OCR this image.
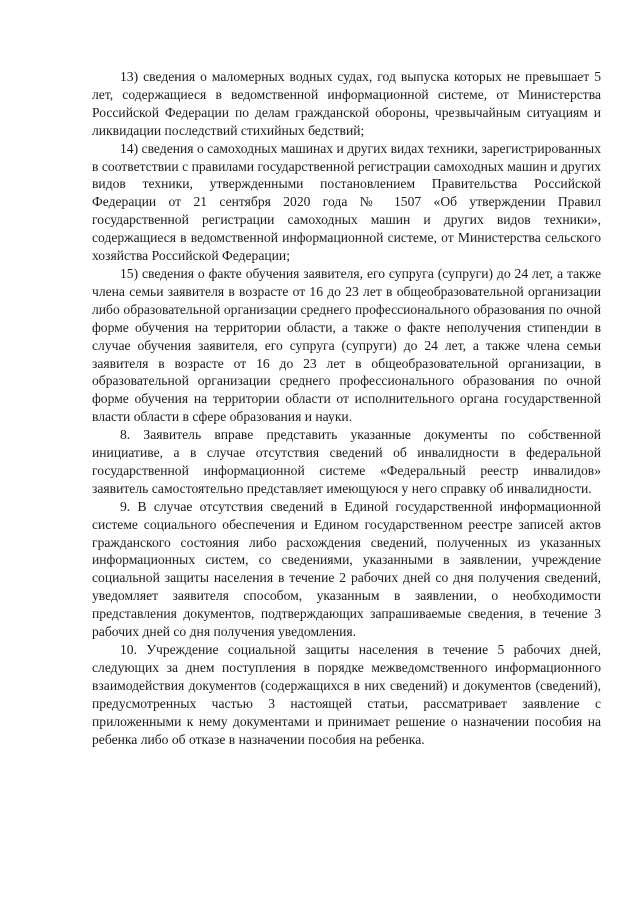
13) сведения о маломерных водных судах, год выпуска которых не превышает 5 лет, содержащиеся в ведомственной информационной системе, от Министерства Российской Федерации по делам гражданской обороны, чрезвычайным ситуациям и ликвидации последствий стихийных бедствий;

14) сведения о самоходных машинах и других видах техники, зарегистрированных в соответствии с правилами государственной регистрации самоходных машин и других видов техники, утвержденными постановлением Правительства Российской Федерации от 21 сентября 2020 года № 1507 «Об утверждении Правил государственной регистрации самоходных машин и других видов техники», содержащиеся в ведомственной информационной системе, от Министерства сельского хозяйства Российской Федерации;

15) сведения о факте обучения заявителя, его супруга (супруги) до 24 лет, а также члена семьи заявителя в возрасте от 16 до 23 лет в общеобразовательной организации либо образовательной организации среднего профессионального образования по очной форме обучения на территории области, а также о факте неполучения стипендии в случае обучения заявителя, его супруга (супруги) до 24 лет, а также члена семьи заявителя в возрасте от 16 до 23 лет в общеобразовательной организации, в образовательной организации среднего профессионального образования по очной форме обучения на территории области от исполнительного органа государственной власти области в сфере образования и науки.

8. Заявитель вправе представить указанные документы по собственной инициативе, а в случае отсутствия сведений об инвалидности в федеральной государственной информационной системе «Федеральный реестр инвалидов» заявитель самостоятельно представляет имеющуюся у него справку об инвалидности.

9. В случае отсутствия сведений в Единой государственной информационной системе социального обеспечения и Едином государственном реестре записей актов гражданского состояния либо расхождения сведений, полученных из указанных информационных систем, со сведениями, указанными в заявлении, учреждение социальной защиты населения в течение 2 рабочих дней со дня получения сведений, уведомляет заявителя способом, указанным в заявлении, о необходимости представления документов, подтверждающих запрашиваемые сведения, в течение 3 рабочих дней со дня получения уведомления.

10. Учреждение социальной защиты населения в течение 5 рабочих дней, следующих за днем поступления в порядке межведомственного информационного взаимодействия документов (содержащихся в них сведений) и документов (сведений), предусмотренных частью 3 настоящей статьи, рассматривает заявление с приложенными к нему документами и принимает решение о назначении пособия на ребенка либо об отказе в назначении пособия на ребенка.
